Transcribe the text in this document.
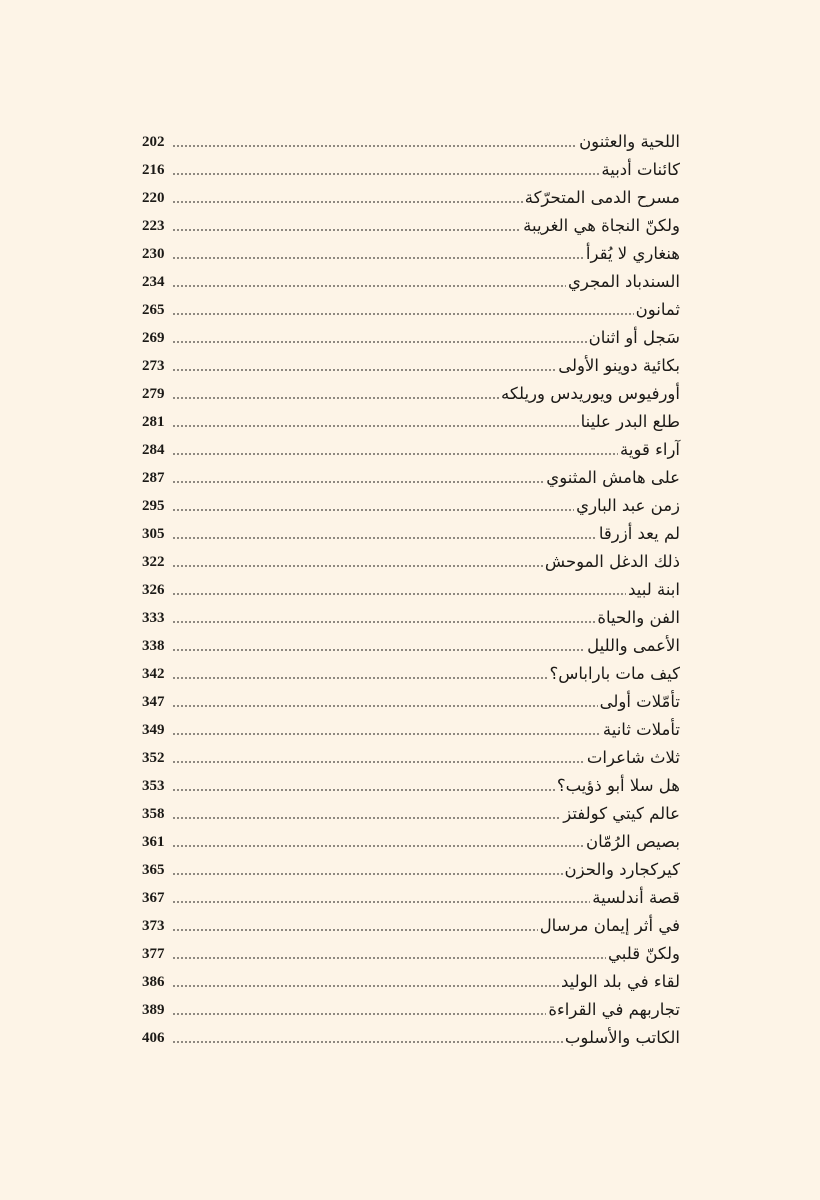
اللحية والعثنون
202
كائنات أدبية
216
مسرح الدمى المتحرّكة
220
ولكنّ النجاة هي الغريبة
223
هنغاري لا يُقرأ
230
السندباد المجري
234
ثمانون
265
سَجل أو اثنان
269
بكائية دوينو الأولى
273
أورفيوس ويوريدس وريلكه
279
طلع البدر علينا
281
آراء قوية
284
على هامش المثنوي
287
زمن عبد الباري
295
لم يعد أزرقا
305
ذلك الدغل الموحش
322
ابنة لبيد
326
الفن والحياة
333
الأعمى والليل
338
كيف مات باراباس؟
342
تأمّلات أولى
347
تأملات ثانية
349
ثلاث شاعرات
352
هل سلا أبو ذؤيب؟
353
عالم كيتي كولفتز
358
بصيص الرُمّان
361
كيركجارد والحزن
365
قصة أندلسية
367
في أثر إيمان مرسال
373
ولكنّ قلبي
377
لقاء في بلد الوليد
386
تجاربهم في القراءة
389
الكاتب والأسلوب
406
